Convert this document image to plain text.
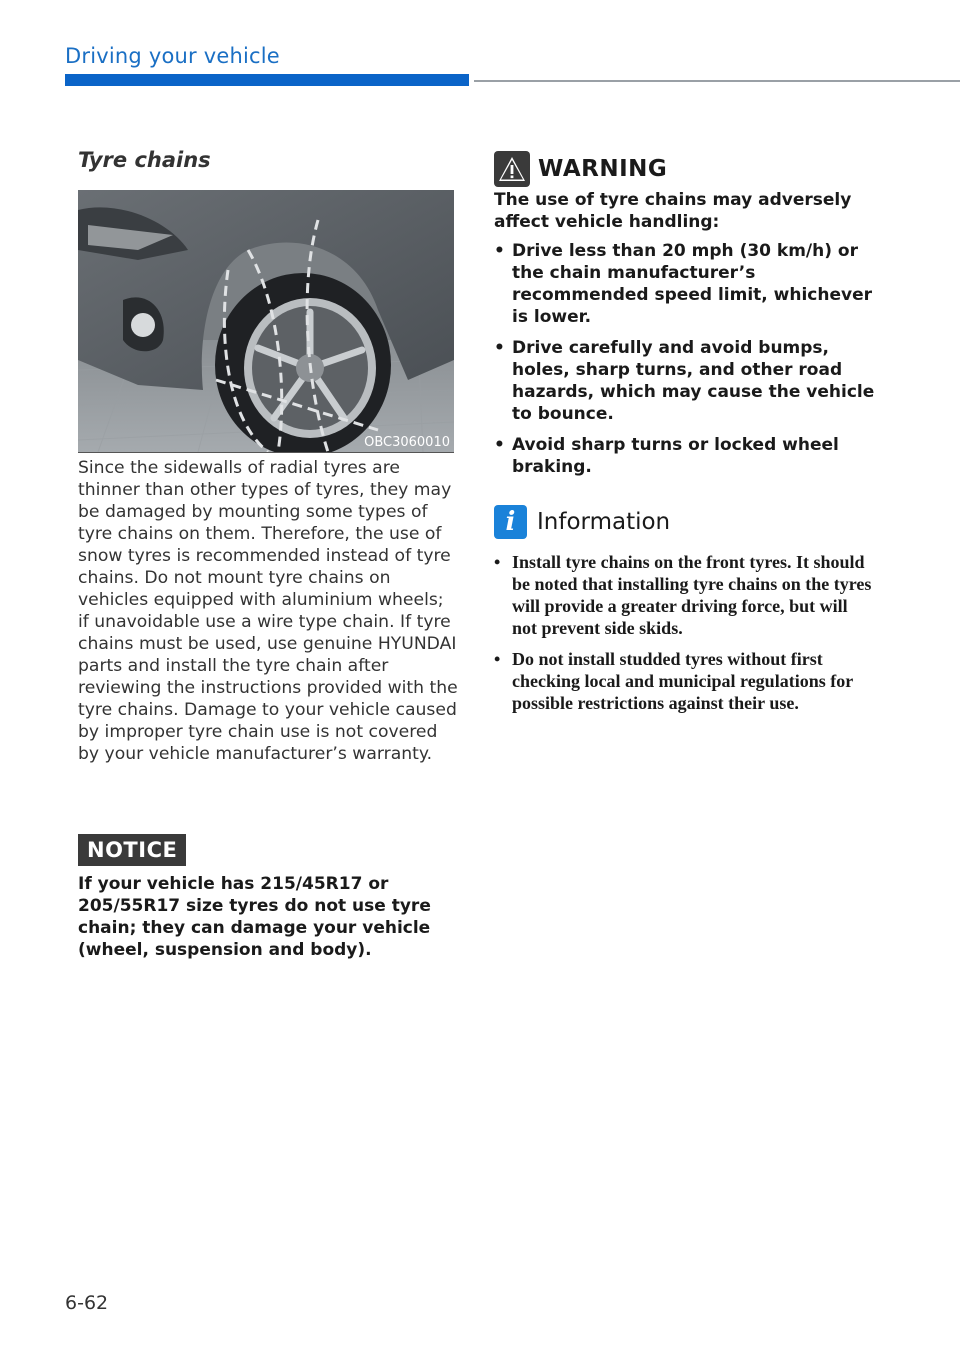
Driving your vehicle
Tyre chains
OBC3060010

Since the sidewalls of radial tyres are thinner than other types of tyres, they may be damaged by mounting some types of tyre chains on them. Therefore, the use of snow tyres is recommended instead of tyre chains. Do not mount tyre chains on vehicles equipped with aluminium wheels; if unavoidable use a wire type chain. If tyre chains must be used, use genuine HYUNDAI parts and install the tyre chain after reviewing the instructions provided with the tyre chains. Damage to your vehicle caused by improper tyre chain use is not covered by your vehicle manufacturer’s warranty.

NOTICE

If your vehicle has 215/45R17 or 205/55R17 size tyres do not use tyre chain; they can damage your vehicle (wheel, suspension and body).

WARNING

The use of tyre chains may adversely affect vehicle handling:

• Drive less than 20 mph (30 km/h) or the chain manufacturer’s recommended speed limit, whichever is lower.
• Drive carefully and avoid bumps, holes, sharp turns, and other road hazards, which may cause the vehicle to bounce.
• Avoid sharp turns or locked wheel braking.
i Information
• Install tyre chains on the front tyres. It should be noted that installing tyre chains on the tyres will provide a greater driving force, but will not prevent side skids.
• Do not install studded tyres without first checking local and municipal regulations for possible restrictions against their use.
6-62
